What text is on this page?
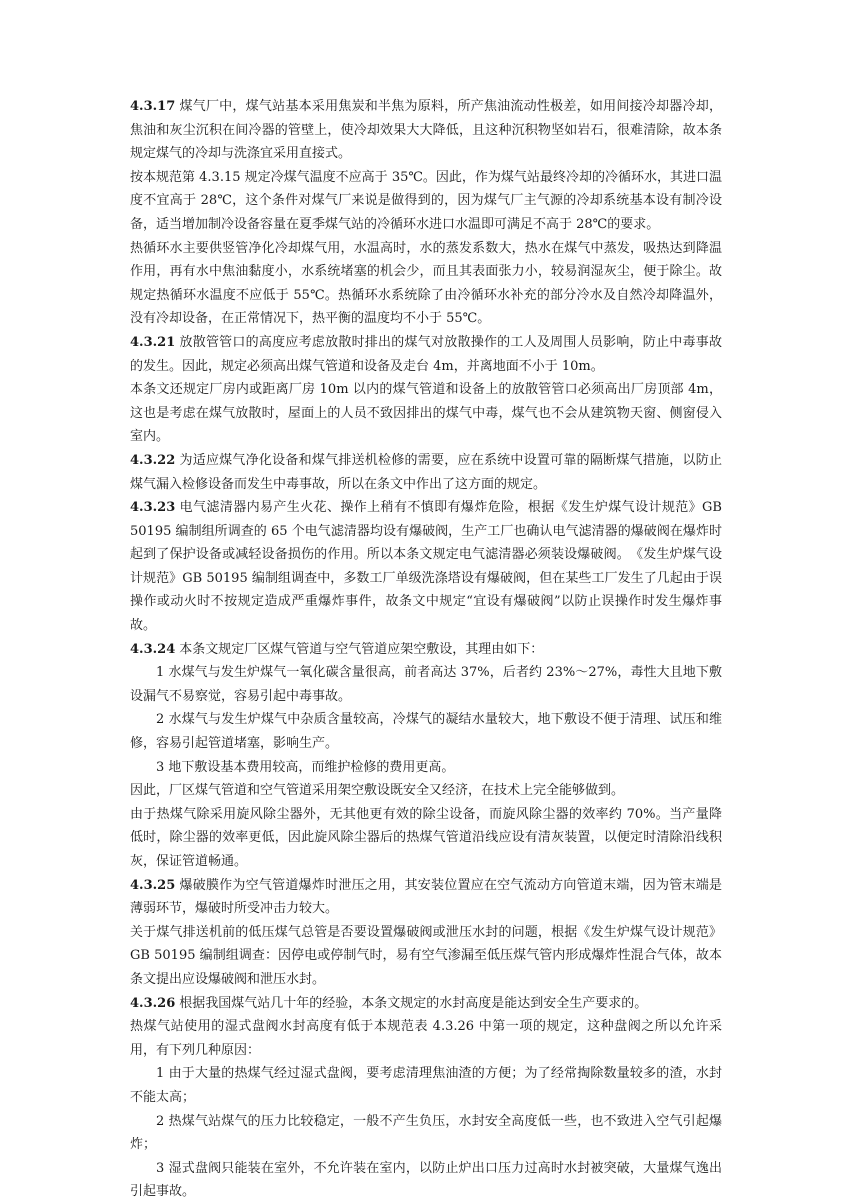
4.3.17 煤气厂中，煤气站基本采用焦炭和半焦为原料，所产焦油流动性极差，如用间接冷却器冷却，焦油和灰尘沉积在间冷器的管壁上，使冷却效果大大降低，且这种沉积物坚如岩石，很难清除，故本条规定煤气的冷却与洗涤宜采用直接式。

按本规范第 4.3.15 规定冷煤气温度不应高于 35℃。因此，作为煤气站最终冷却的冷循环水，其进口温度不宜高于 28℃，这个条件对煤气厂来说是做得到的，因为煤气厂主气源的冷却系统基本设有制冷设备，适当增加制冷设备容量在夏季煤气站的冷循环水进口水温即可满足不高于 28℃的要求。

热循环水主要供竖管净化冷却煤气用，水温高时，水的蒸发系数大，热水在煤气中蒸发，吸热达到降温作用，再有水中焦油黏度小，水系统堵塞的机会少，而且其表面张力小，较易润湿灰尘，便于除尘。故规定热循环水温度不应低于 55℃。热循环水系统除了由冷循环水补充的部分冷水及自然冷却降温外，没有冷却设备，在正常情况下，热平衡的温度均不小于 55℃。

4.3.21 放散管管口的高度应考虑放散时排出的煤气对放散操作的工人及周围人员影响，防止中毒事故的发生。因此，规定必须高出煤气管道和设备及走台 4m，并离地面不小于 10m。

本条文还规定厂房内或距离厂房 10m 以内的煤气管道和设备上的放散管管口必须高出厂房顶部 4m，这也是考虑在煤气放散时，屋面上的人员不致因排出的煤气中毒，煤气也不会从建筑物天窗、侧窗侵入室内。

4.3.22 为适应煤气净化设备和煤气排送机检修的需要，应在系统中设置可靠的隔断煤气措施，以防止煤气漏入检修设备而发生中毒事故，所以在条文中作出了这方面的规定。

4.3.23 电气滤清器内易产生火花、操作上稍有不慎即有爆炸危险，根据《发生炉煤气设计规范》GB 50195 编制组所调查的 65 个电气滤清器均设有爆破阀，生产工厂也确认电气滤清器的爆破阀在爆炸时起到了保护设备或减轻设备损伤的作用。所以本条文规定电气滤清器必须装设爆破阀。　《发生炉煤气设计规范》GB 50195 编制组调查中，多数工厂单级洗涤塔设有爆破阀，但在某些工厂发生了几起由于误操作或动火时不按规定造成严重爆炸事件，故条文中规定“宜设有爆破阀”以防止误操作时发生爆炸事故。

4.3.24 本条文规定厂区煤气管道与空气管道应架空敷设，其理由如下：

1 水煤气与发生炉煤气一氧化碳含量很高，前者高达 37%，后者约 23%～27%，毒性大且地下敷设漏气不易察觉，容易引起中毒事故。

2 水煤气与发生炉煤气中杂质含量较高，冷煤气的凝结水量较大，地下敷设不便于清理、试压和维修，容易引起管道堵塞，影响生产。

3 地下敷设基本费用较高，而维护检修的费用更高。

因此，厂区煤气管道和空气管道采用架空敷设既安全又经济，在技术上完全能够做到。

由于热煤气除采用旋风除尘器外，无其他更有效的除尘设备，而旋风除尘器的效率约 70%。当产量降低时，除尘器的效率更低，因此旋风除尘器后的热煤气管道沿线应设有清灰装置，以便定时清除沿线积灰，保证管道畅通。

4.3.25 爆破膜作为空气管道爆炸时泄压之用，其安装位置应在空气流动方向管道末端，因为管末端是薄弱环节，爆破时所受冲击力较大。

关于煤气排送机前的低压煤气总管是否要设置爆破阀或泄压水封的问题，根据《发生炉煤气设计规范》GB 50195 编制组调查：因停电或停制气时，易有空气渗漏至低压煤气管内形成爆炸性混合气体，故本条文提出应设爆破阀和泄压水封。

4.3.26 根据我国煤气站几十年的经验，本条文规定的水封高度是能达到安全生产要求的。

热煤气站使用的湿式盘阀水封高度有低于本规范表 4.3.26 中第一项的规定，这种盘阀之所以允许采用，有下列几种原因：

1 由于大量的热煤气经过湿式盘阀，要考虑清理焦油渣的方便；为了经常掏除数量较多的渣，水封不能太高；

2 热煤气站煤气的压力比较稳定，一般不产生负压，水封安全高度低一些，也不致进入空气引起爆炸；

3 湿式盘阀只能装在室外，不允许装在室内，以防止炉出口压力过高时水封被突破，大量煤气逸出引起事故。
